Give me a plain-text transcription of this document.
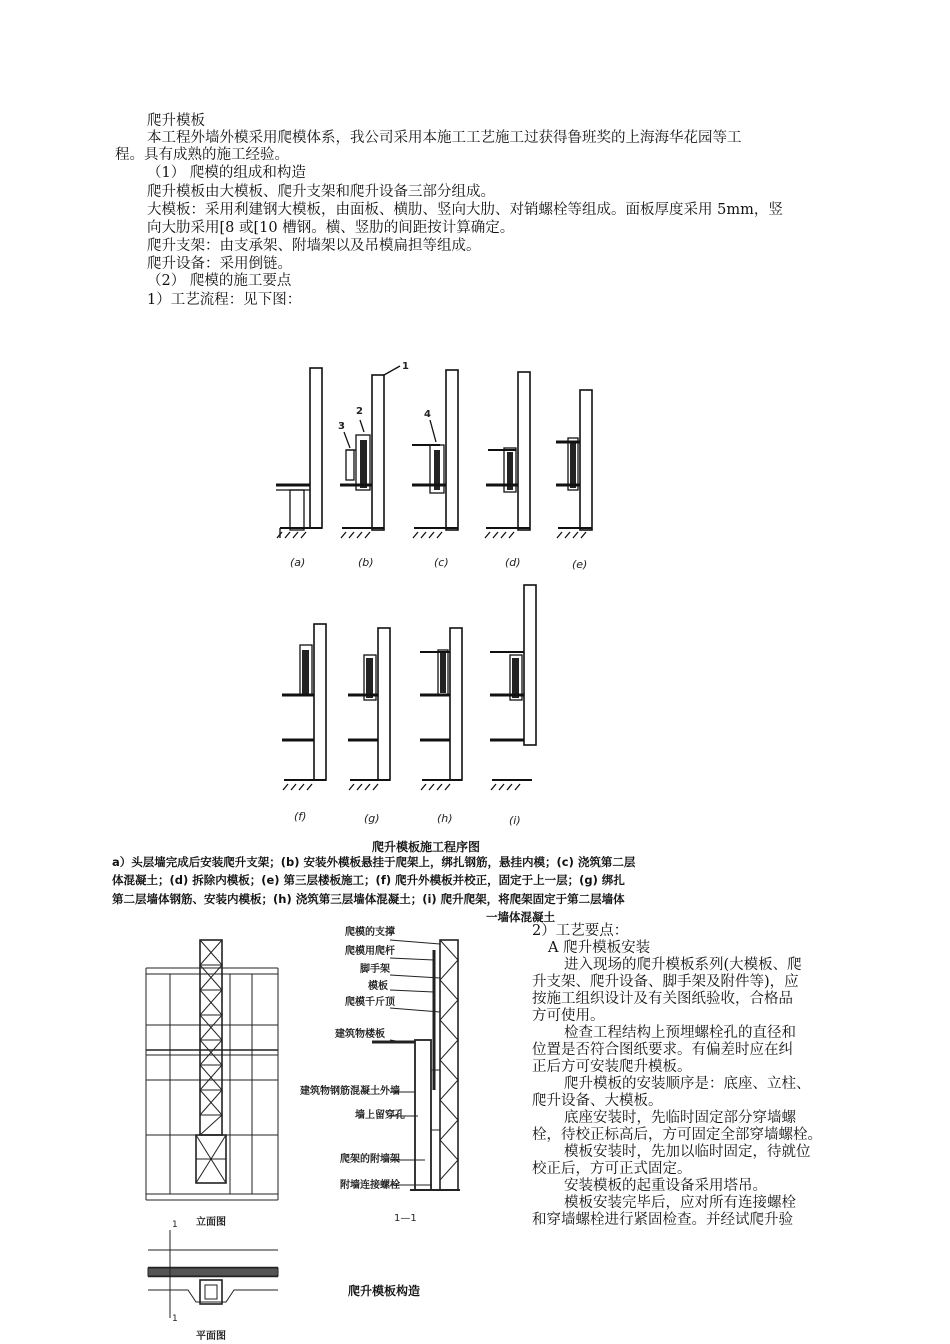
爬升模板
本工程外墙外模采用爬模体系，我公司采用本施工工艺施工过获得鲁班奖的上海海华花园等工
程。具有成熟的施工经验。
（1） 爬模的组成和构造
爬升模板由大模板、爬升支架和爬升设备三部分组成。
大模板：采用利建钢大模板，由面板、横肋、竖向大肋、对销螺栓等组成。面板厚度采用 5mm，竖
向大肋采用[8 或[10 槽钢。横、竖肋的间距按计算确定。
爬升支架：由支承架、附墙架以及吊模扁担等组成。
爬升设备：采用倒链。
（2） 爬模的施工要点
1）工艺流程：见下图：
1
2
3
4
(a)	(b)	(c)	(d)	(e)
(f)	(g)	(h)	(i)
爬升模板施工程序图
a）头层墙完成后安装爬升支架；(b) 安装外模板悬挂于爬架上，绑扎钢筋，悬挂内模；(c) 浇筑第二层
体混凝土；(d) 拆除内模板；(e) 第三层楼板施工；(f) 爬升外模板并校正，固定于上一层；(g) 绑扎
第二层墙体钢筋、安装内模板；(h) 浇筑第三层墙体混凝土；(i) 爬升爬架，将爬架固定于第二层墙体
一墙体混凝土
立面图
平面图
1—1
1
1
爬升模板构造
爬模的支撑
爬模用爬杆
脚手架
模板
爬模千斤顶
建筑物楼板
建筑物钢筋混凝土外墙
墙上留穿孔
爬架的附墙架
附墙连接螺栓
2）工艺要点：
A 爬升模板安装
进入现场的爬升模板系列(大模板、爬
升支架、爬升设备、脚手架及附件等)，应
按施工组织设计及有关图纸验收，合格品
方可使用。
检查工程结构上预埋螺栓孔的直径和
位置是否符合图纸要求。有偏差时应在纠
正后方可安装爬升模板。
爬升模板的安装顺序是：底座、立柱、
爬升设备、大模板。
底座安装时，先临时固定部分穿墙螺
栓，待校正标高后，方可固定全部穿墙螺栓。
模板安装时，先加以临时固定，待就位
校正后，方可正式固定。
安装模板的起重设备采用塔吊。
模板安装完毕后，应对所有连接螺栓
和穿墙螺栓进行紧固检查。并经试爬升验
